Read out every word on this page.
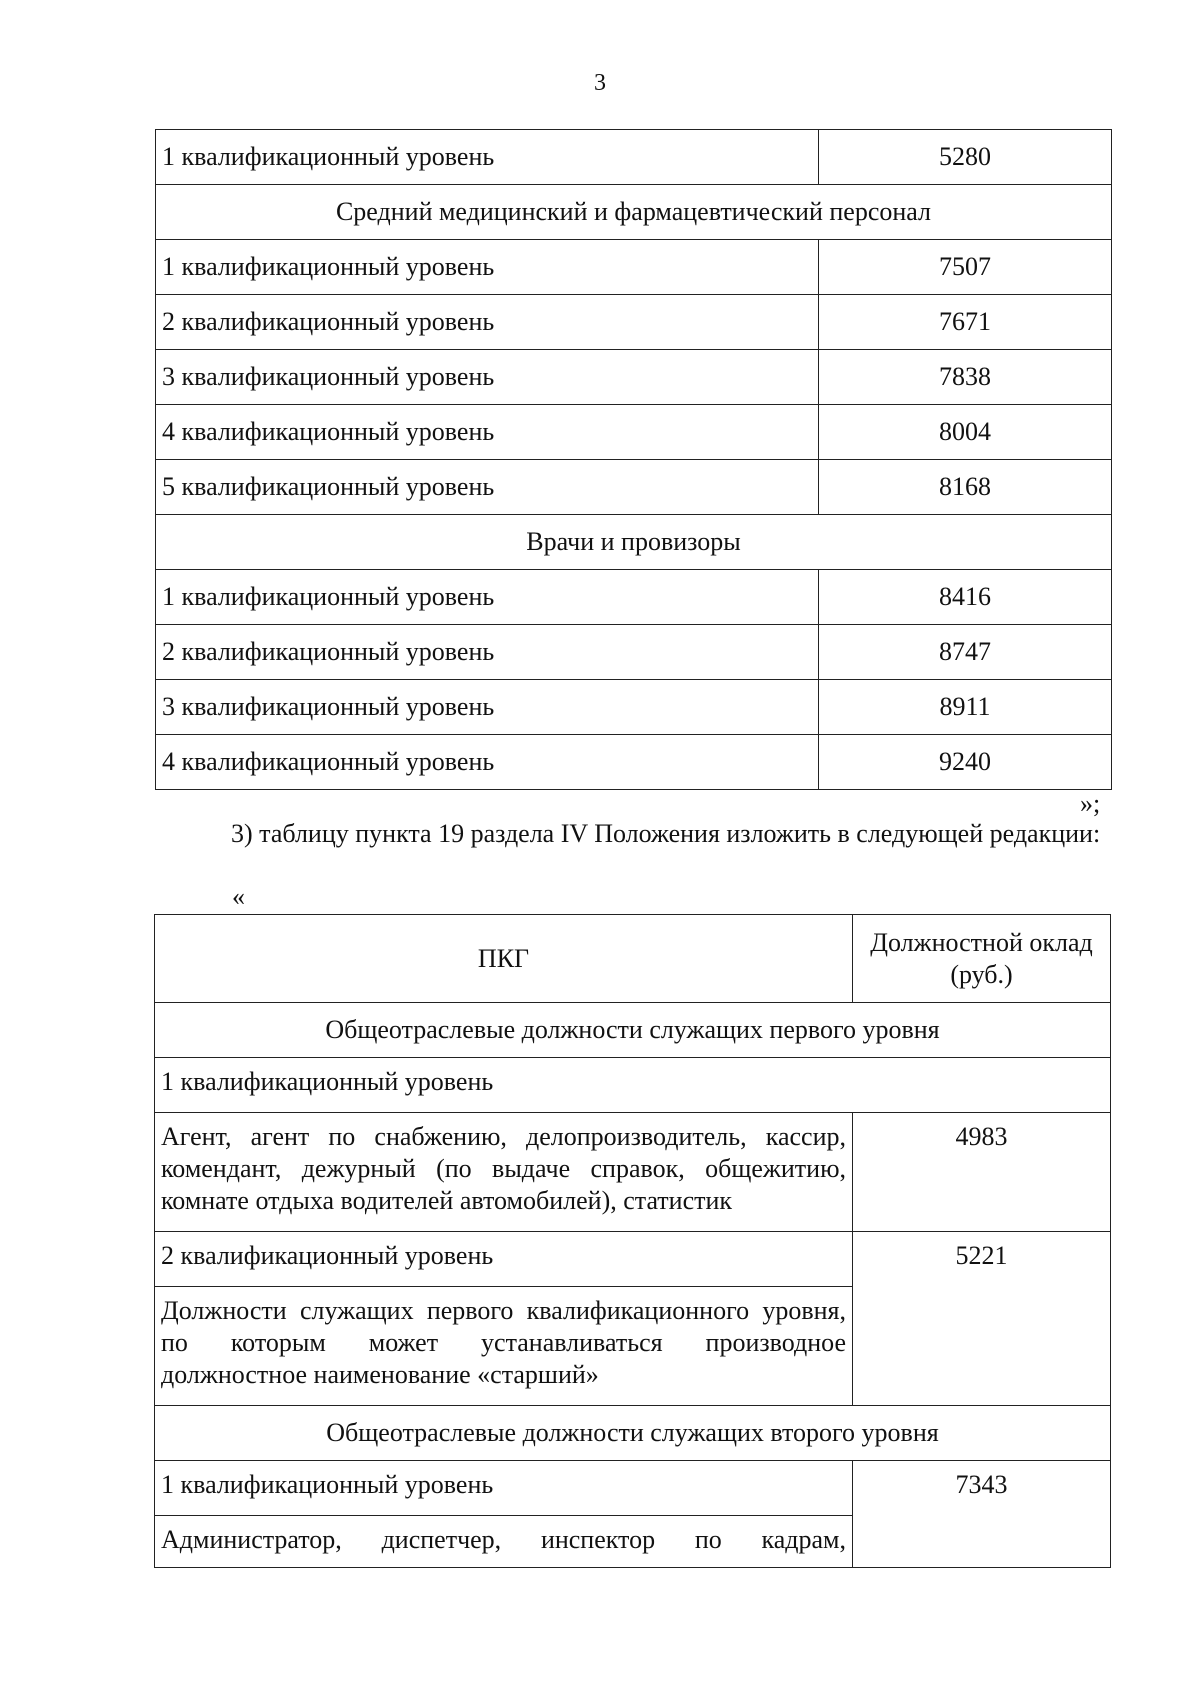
3
1 квалификационный уровень	5280
Средний медицинский и фармацевтический персонал	
1 квалификационный уровень	7507
2 квалификационный уровень	7671
3 квалификационный уровень	7838
4 квалификационный уровень	8004
5 квалификационный уровень	8168
Врачи и провизоры	
1 квалификационный уровень	8416
2 квалификационный уровень	8747
3 квалификационный уровень	8911
4 квалификационный уровень	9240
»;
3) таблицу пункта 19 раздела IV Положения изложить в следующей редакции:
«
ПКГ	Должностной оклад (руб.)
Общеотраслевые должности служащих первого уровня	
1 квалификационный уровень	
Агент, агент по снабжению, делопроизводитель, кассир, комендант, дежурный (по выдаче справок, общежитию, комнате отдыха водителей автомобилей), статистик	4983
2 квалификационный уровень	5221
Должности служащих первого квалификационного уровня, по которым может устанавливаться производное должностное наименование «старший»	
Общеотраслевые должности служащих второго уровня	
1 квалификационный уровень	7343
Администратор, диспетчер, инспектор по кадрам,	
